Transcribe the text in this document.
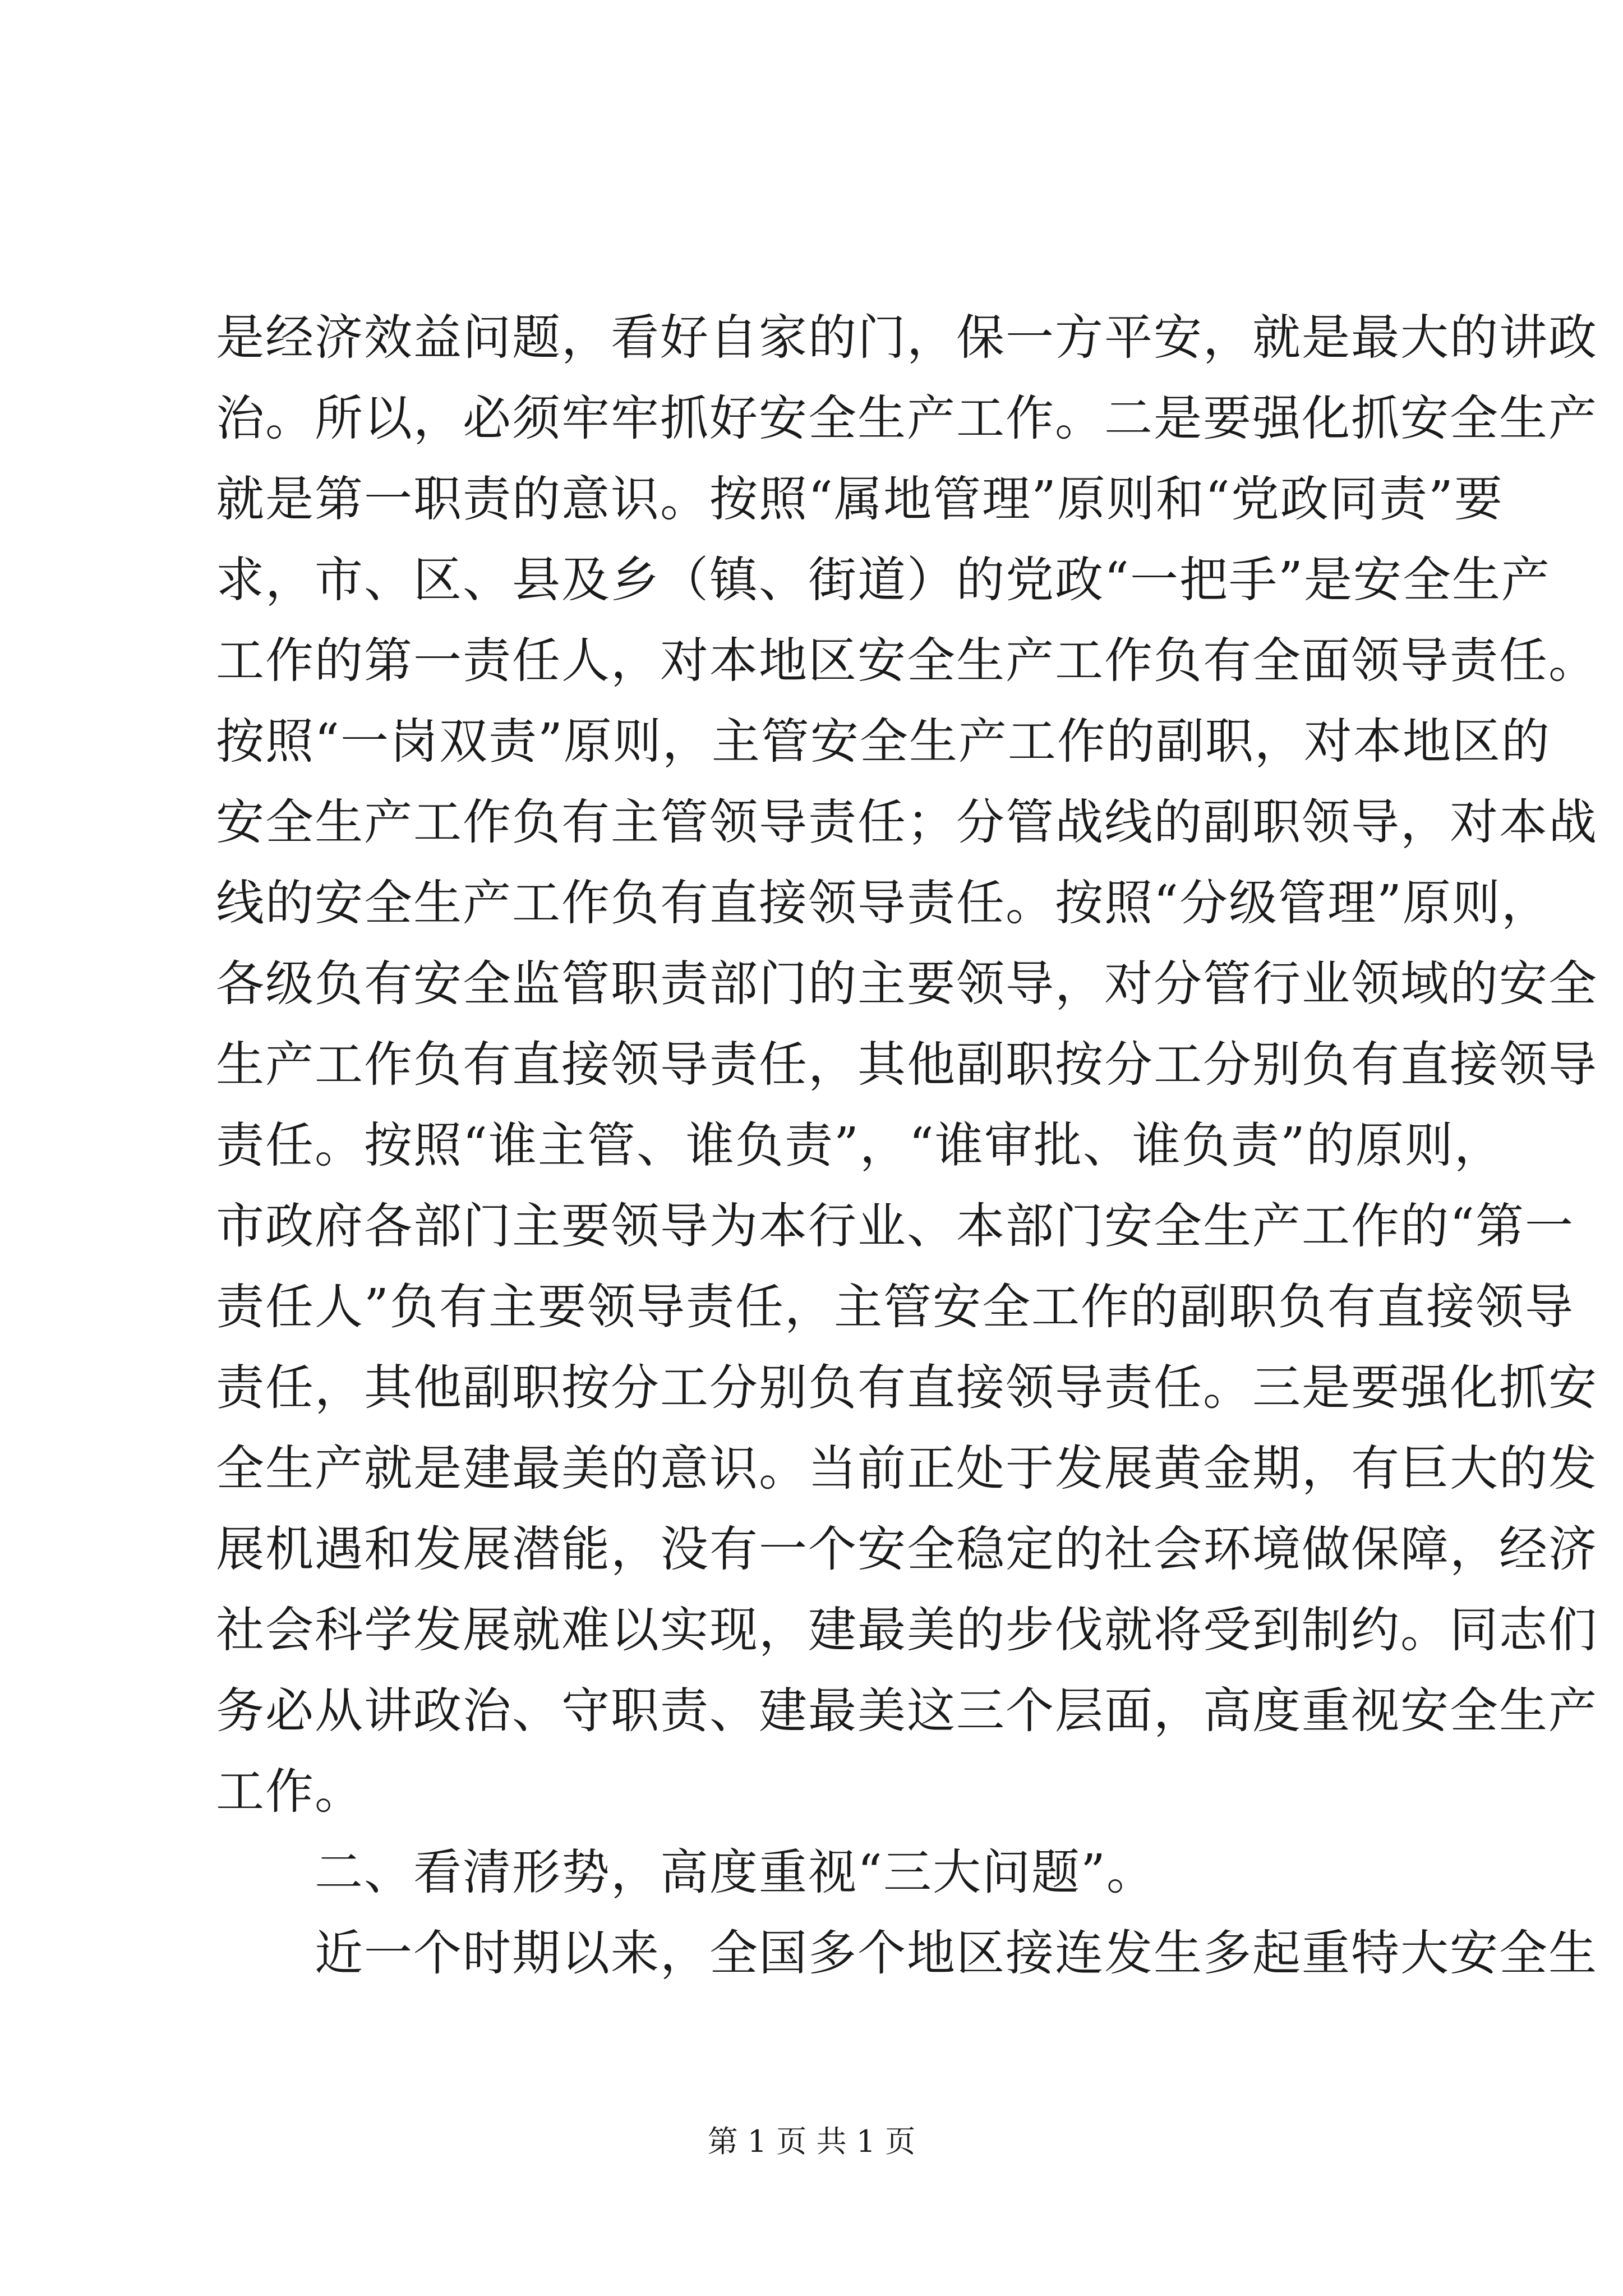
是经济效益问题，看好自家的门，保一方平安，就是最大的讲政
治。所以，必须牢牢抓好安全生产工作。二是要强化抓安全生产
就是第一职责的意识。按照“属地管理”原则和“党政同责”要
求，市、区、县及乡（镇、街道）的党政“一把手”是安全生产
工作的第一责任人，对本地区安全生产工作负有全面领导责任。
按照“一岗双责”原则，主管安全生产工作的副职，对本地区的
安全生产工作负有主管领导责任；分管战线的副职领导，对本战
线的安全生产工作负有直接领导责任。按照“分级管理”原则，
各级负有安全监管职责部门的主要领导，对分管行业领域的安全
生产工作负有直接领导责任，其他副职按分工分别负有直接领导
责任。按照“谁主管、谁负责”，“谁审批、谁负责”的原则，
市政府各部门主要领导为本行业、本部门安全生产工作的“第一
责任人”负有主要领导责任，主管安全工作的副职负有直接领导
责任，其他副职按分工分别负有直接领导责任。三是要强化抓安
全生产就是建最美的意识。当前正处于发展黄金期，有巨大的发
展机遇和发展潜能，没有一个安全稳定的社会环境做保障，经济
社会科学发展就难以实现，建最美的步伐就将受到制约。同志们
务必从讲政治、守职责、建最美这三个层面，高度重视安全生产
工作。
二、看清形势，高度重视“三大问题”。
近一个时期以来，全国多个地区接连发生多起重特大安全生
第 1 页 共 1 页
